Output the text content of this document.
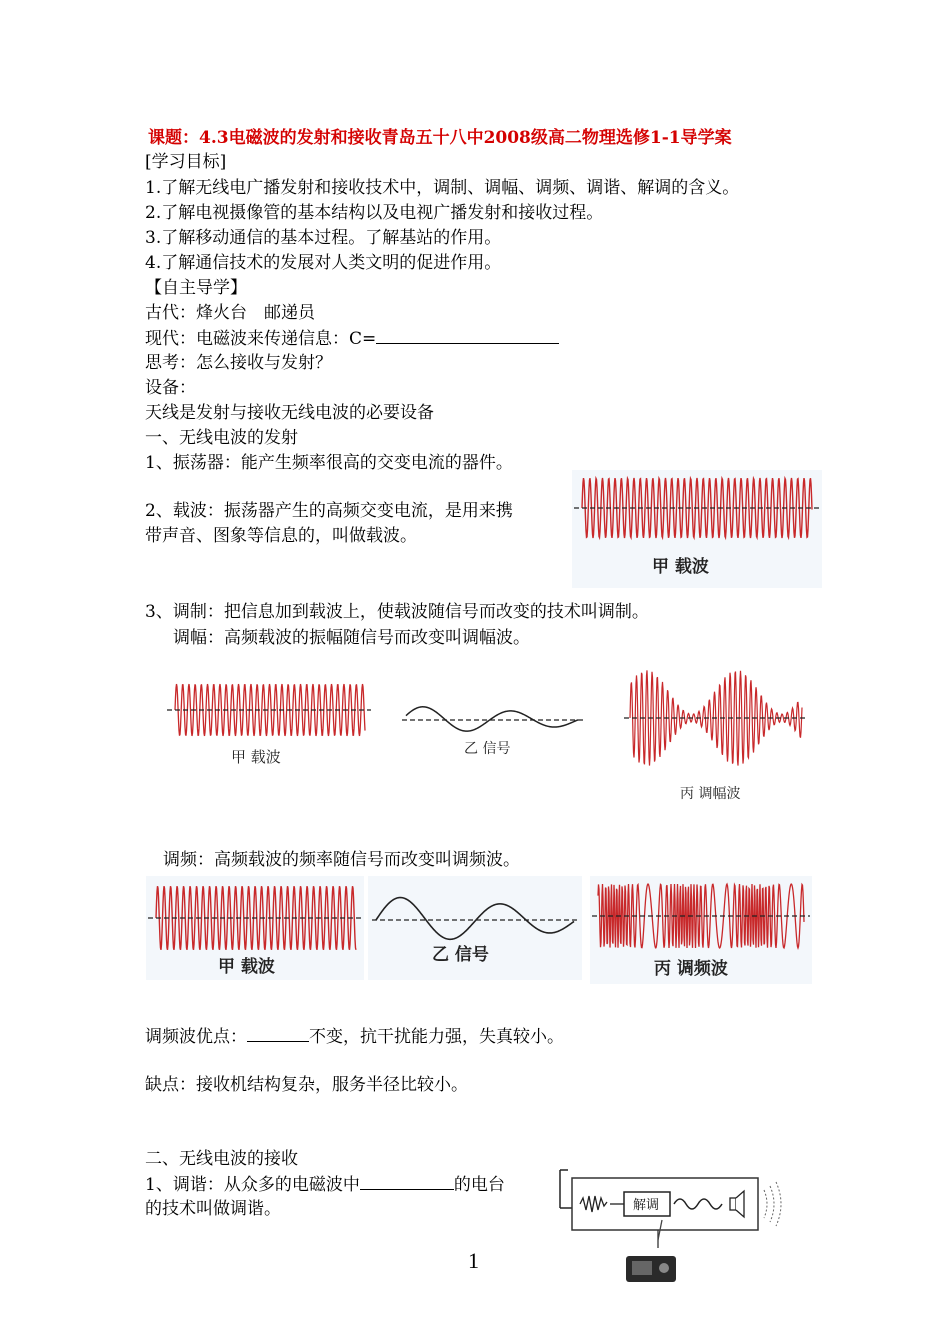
课题：4.3电磁波的发射和接收青岛五十八中2008级高二物理选修1-1导学案
[学习目标]
1.了解无线电广播发射和接收技术中，调制、调幅、调频、调谐、解调的含义。
2.了解电视摄像管的基本结构以及电视广播发射和接收过程。
3.了解移动通信的基本过程。了解基站的作用。
4.了解通信技术的发展对人类文明的促进作用。
【自主导学】
古代：烽火台　邮递员
现代：电磁波来传递信息：C=
思考：怎么接收与发射？
设备：
天线是发射与接收无线电波的必要设备
一、无线电波的发射
1、振荡器：能产生频率很高的交变电流的器件。
2、载波：振荡器产生的高频交变电流，是用来携
带声音、图象等信息的，叫做载波。
甲 载波
3、调制：把信息加到载波上，使载波随信号而改变的技术叫调制。
调幅：高频载波的振幅随信号而改变叫调幅波。
甲 载波	乙 信号
丙 调幅波
调频：高频载波的频率随信号而改变叫调频波。
甲 载波
乙 信号
丙 调频波
调频波优点：	不变，抗干扰能力强，失真较小。
缺点：接收机结构复杂，服务半径比较小。
二、无线电波的接收
1、调谐：从众多的电磁波中	的电台
的技术叫做调谐。	解调
1
